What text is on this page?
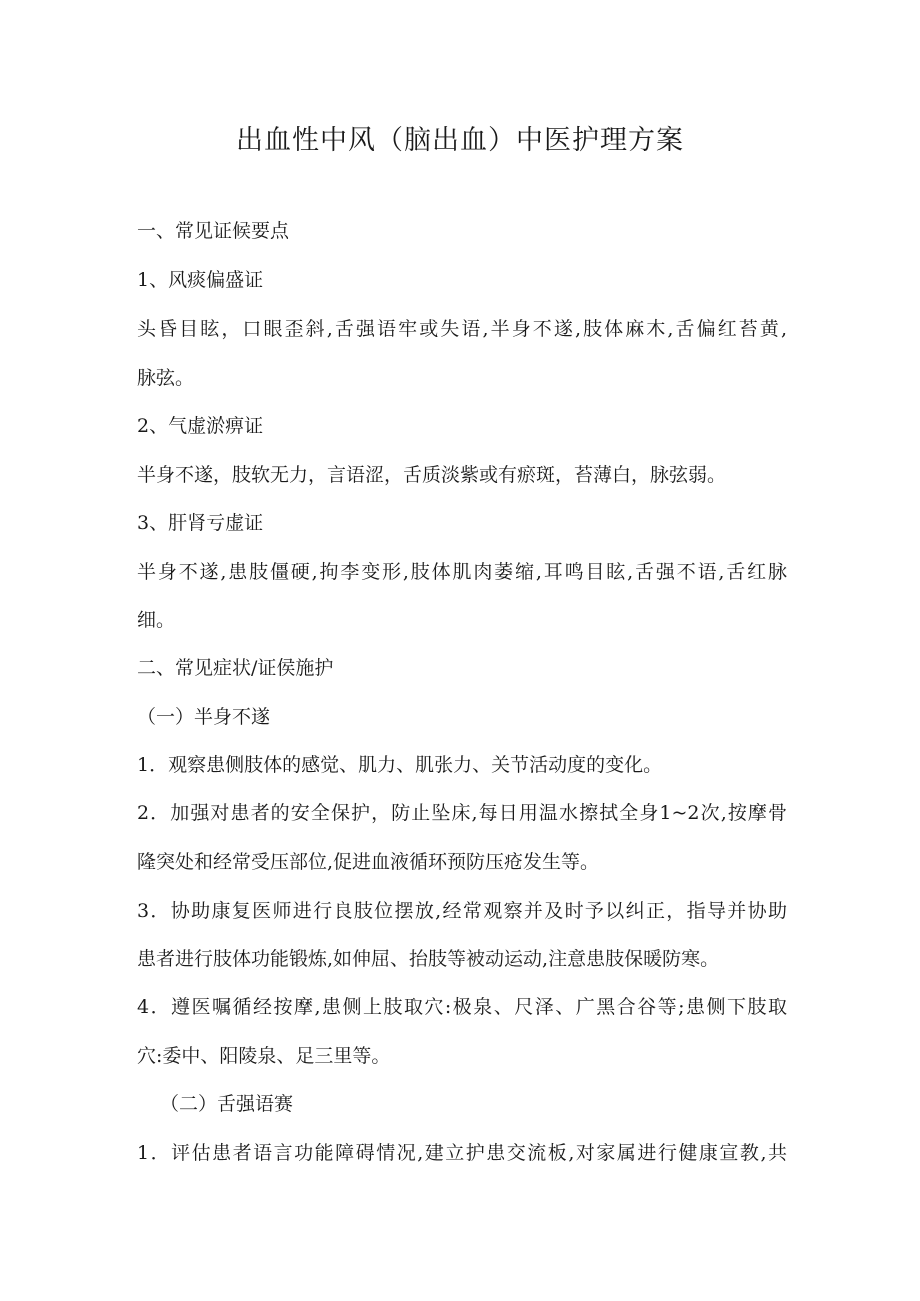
出血性中风（脑出血）中医护理方案
一、常见证候要点
1、风痰偏盛证
头昏目眩，口眼歪斜,舌强语牢或失语,半身不遂,肢体麻木,舌偏红苔黄,
脉弦。
2、气虚淤痹证
半身不遂，肢软无力，言语涩，舌质淡紫或有瘀斑，苔薄白，脉弦弱。
3、肝肾亏虚证
半身不遂,患肢僵硬,拘李变形,肢体肌肉萎缩,耳鸣目眩,舌强不语,舌红脉
细。
二、常见症状/证侯施护
（一）半身不遂
1．观察患侧肢体的感觉、肌力、肌张力、关节活动度的变化。
2．加强对患者的安全保护，防止坠床,每日用温水擦拭全身1~2次,按摩骨
隆突处和经常受压部位,促进血液循环预防压疮发生等。
3．协助康复医师进行良肢位摆放,经常观察并及时予以纠正，指导并协助
患者进行肢体功能锻炼,如伸屈、抬肢等被动运动,注意患肢保暖防寒。
4．遵医嘱循经按摩,患侧上肢取穴:极泉、尺泽、广黑合谷等;患侧下肢取
穴:委中、阳陵泉、足三里等。
（二）舌强语赛
1．评估患者语言功能障碍情况,建立护患交流板,对家属进行健康宣教,共
